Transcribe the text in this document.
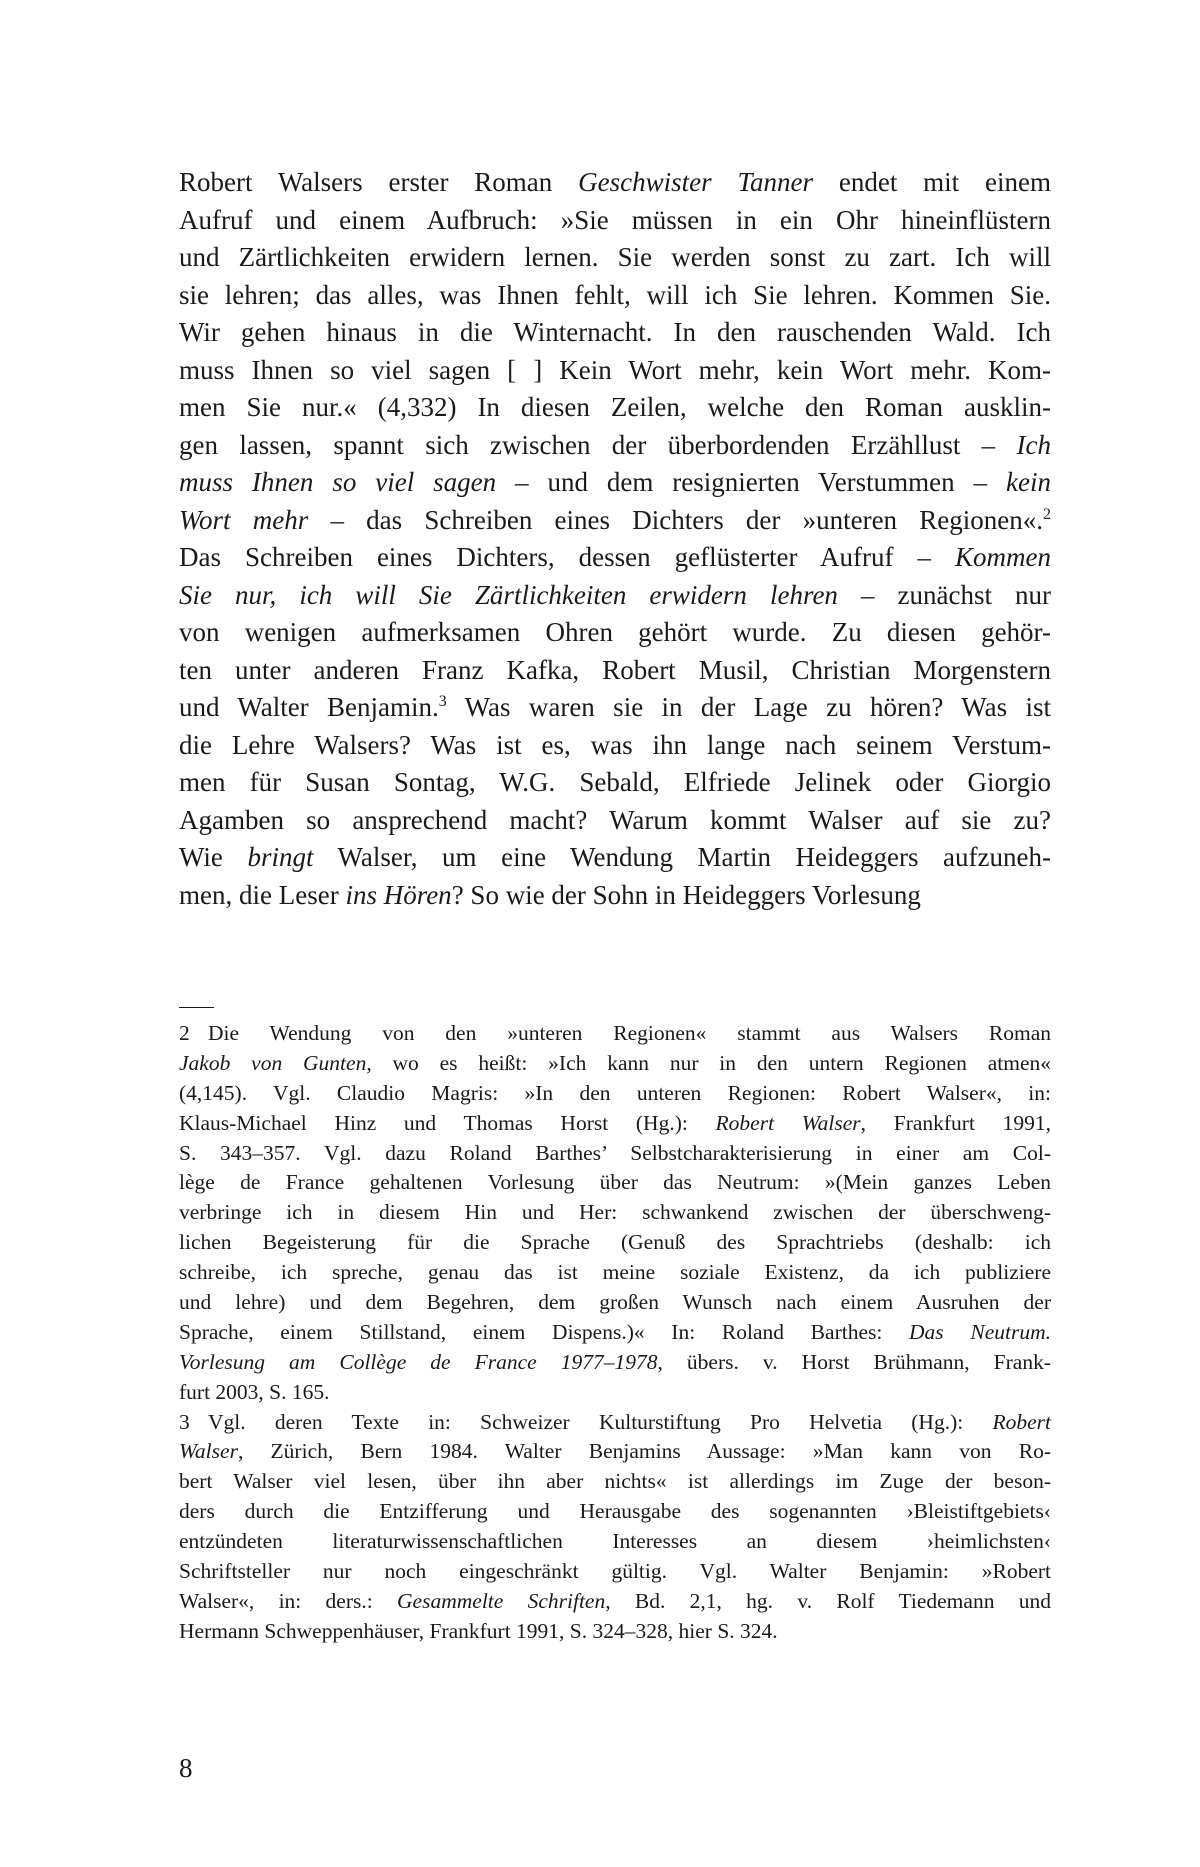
Robert Walsers erster Roman Geschwister Tanner endet mit einem
Aufruf und einem Aufbruch: »Sie müssen in ein Ohr hineinflüstern
und Zärtlichkeiten erwidern lernen. Sie werden sonst zu zart. Ich will
sie lehren; das alles, was Ihnen fehlt, will ich Sie lehren. Kommen Sie.
Wir gehen hinaus in die Winternacht. In den rauschenden Wald. Ich
muss Ihnen so viel sagen [ ] Kein Wort mehr, kein Wort mehr. Kom-
men Sie nur.« (4,332) In diesen Zeilen, welche den Roman ausklin-
gen lassen, spannt sich zwischen der überbordenden Erzähllust – Ich
muss Ihnen so viel sagen – und dem resignierten Verstummen – kein
Wort mehr – das Schreiben eines Dichters der »unteren Regionen«.$^2$
Das Schreiben eines Dichters, dessen geflüsterter Aufruf – Kommen
Sie nur, ich will Sie Zärtlichkeiten erwidern lehren – zunächst nur
von wenigen aufmerksamen Ohren gehört wurde. Zu diesen gehör-
ten unter anderen Franz Kafka, Robert Musil, Christian Morgenstern
und Walter Benjamin.$^3$ Was waren sie in der Lage zu hören? Was ist
die Lehre Walsers? Was ist es, was ihn lange nach seinem Verstum-
men für Susan Sontag, W.G. Sebald, Elfriede Jelinek oder Giorgio
Agamben so ansprechend macht? Warum kommt Walser auf sie zu?
Wie bringt Walser, um eine Wendung Martin Heideggers aufzuneh-
men, die Leser ins Hören? So wie der Sohn in Heideggers Vorlesung
2 Die Wendung von den »unteren Regionen« stammt aus Walsers Roman
Jakob von Gunten, wo es heißt: »Ich kann nur in den untern Regionen atmen«
(4,145). Vgl. Claudio Magris: »In den unteren Regionen: Robert Walser«, in:
Klaus-Michael Hinz und Thomas Horst (Hg.): Robert Walser, Frankfurt 1991,
S. 343–357. Vgl. dazu Roland Barthes’ Selbstcharakterisierung in einer am Col-
lège de France gehaltenen Vorlesung über das Neutrum: »(Mein ganzes Leben
verbringe ich in diesem Hin und Her: schwankend zwischen der überschweng-
lichen Begeisterung für die Sprache (Genuß des Sprachtriebs (deshalb: ich
schreibe, ich spreche, genau das ist meine soziale Existenz, da ich publiziere
und lehre) und dem Begehren, dem großen Wunsch nach einem Ausruhen der
Sprache, einem Stillstand, einem Dispens.)« In: Roland Barthes: Das Neutrum.
Vorlesung am Collège de France 1977–1978, übers. v. Horst Brühmann, Frank-
furt 2003, S. 165.
3 Vgl. deren Texte in: Schweizer Kulturstiftung Pro Helvetia (Hg.): Robert
Walser, Zürich, Bern 1984. Walter Benjamins Aussage: »Man kann von Ro-
bert Walser viel lesen, über ihn aber nichts« ist allerdings im Zuge der beson-
ders durch die Entzifferung und Herausgabe des sogenannten ›Bleistiftgebiets‹
entzündeten literaturwissenschaftlichen Interesses an diesem ›heimlichsten‹
Schriftsteller nur noch eingeschränkt gültig. Vgl. Walter Benjamin: »Robert
Walser«, in: ders.: Gesammelte Schriften, Bd. 2,1, hg. v. Rolf Tiedemann und
Hermann Schweppenhäuser, Frankfurt 1991, S. 324–328, hier S. 324.
8
